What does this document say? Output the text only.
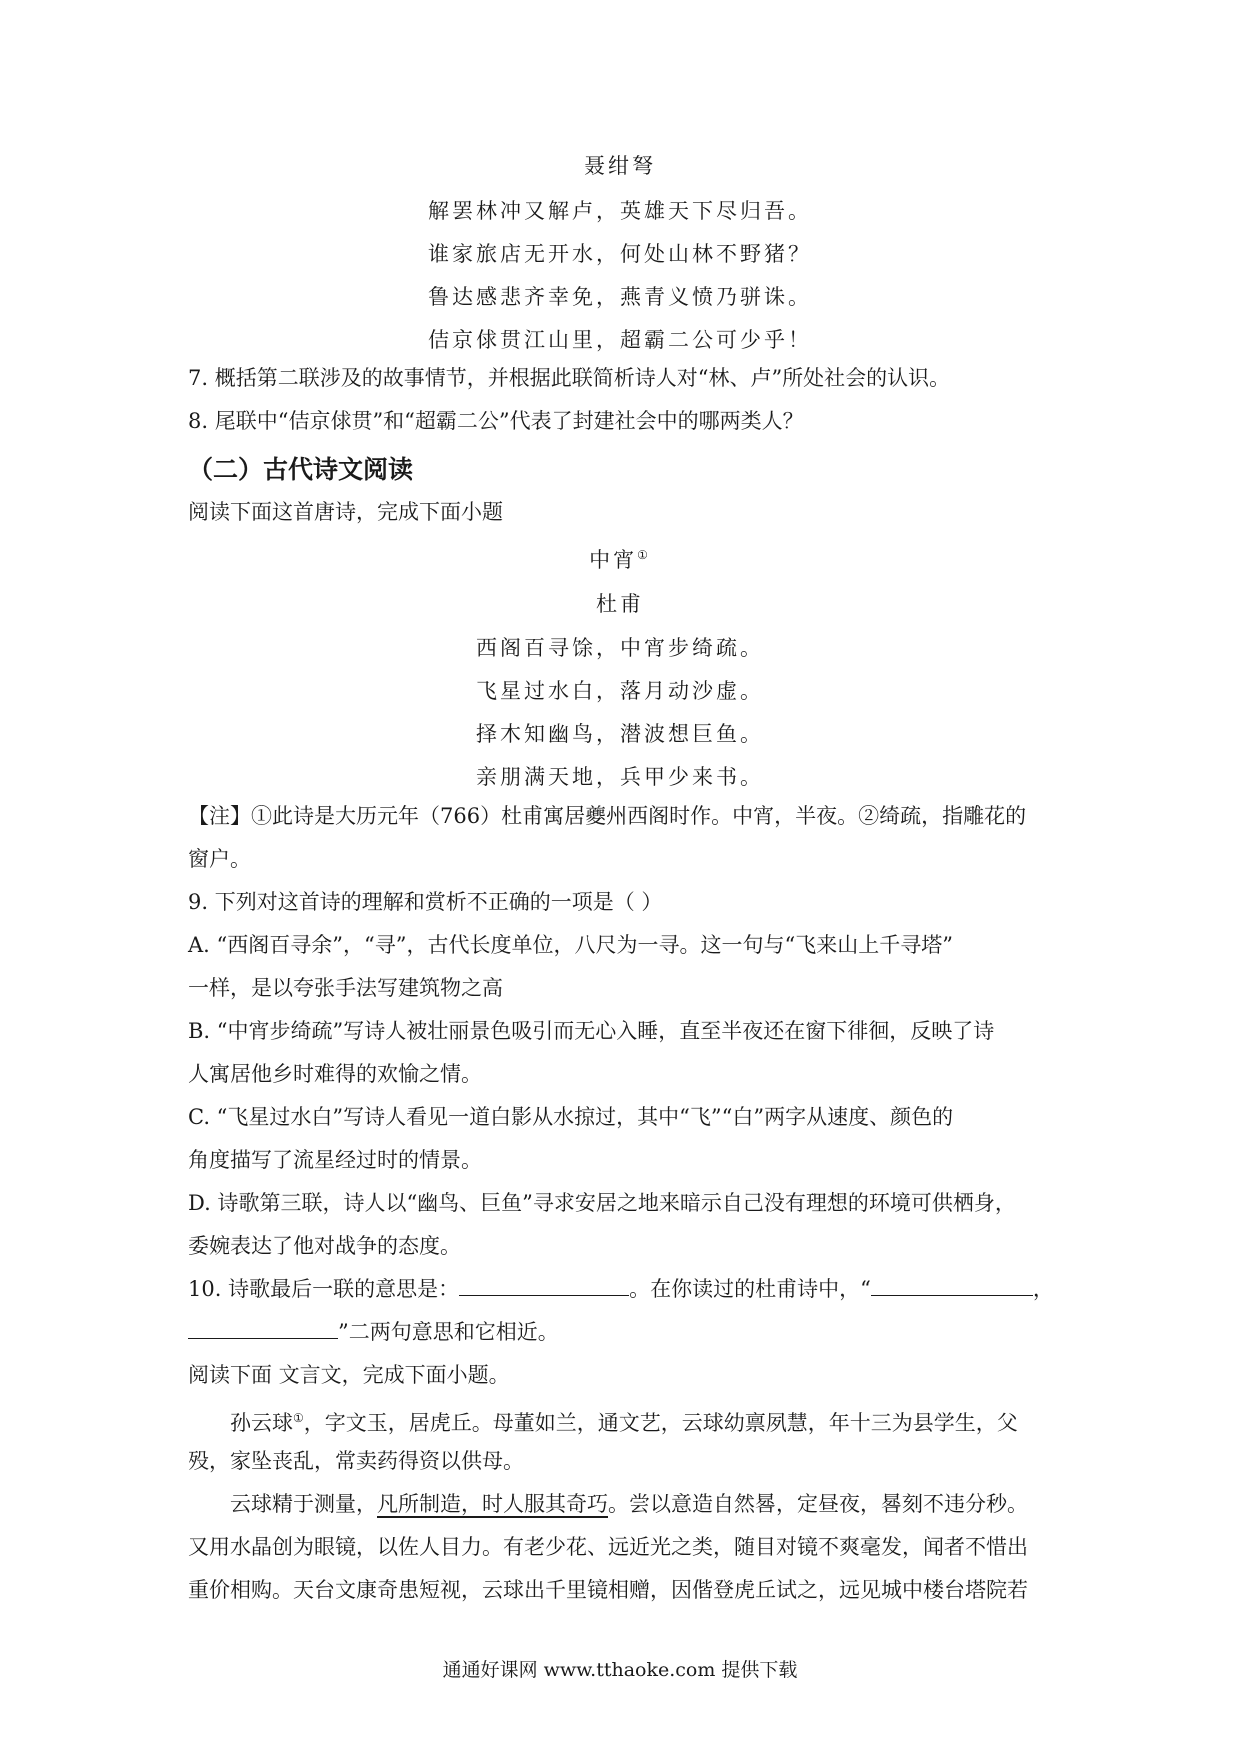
聂绀弩
解罢林冲又解卢，英雄天下尽归吾。
谁家旅店无开水，何处山林不野猪？
鲁达感悲齐幸免，燕青义愤乃骈诛。
佶京俅贯江山里，超霸二公可少乎！
7. 概括第二联涉及的故事情节，并根据此联简析诗人对“林、卢”所处社会的认识。
8. 尾联中“佶京俅贯”和“超霸二公”代表了封建社会中的哪两类人？
（二）古代诗文阅读
阅读下面这首唐诗，完成下面小题
中宵①
杜甫
西阁百寻馀，中宵步绮疏。
飞星过水白，落月动沙虚。
择木知幽鸟，潜波想巨鱼。
亲朋满天地，兵甲少来书。
【注】①此诗是大历元年（766）杜甫寓居夔州西阁时作。中宵，半夜。②绮疏，指雕花的
窗户。
9. 下列对这首诗的理解和赏析不正确的一项是（ ）
A. “西阁百寻余”，“寻”，古代长度单位，八尺为一寻。这一句与“飞来山上千寻塔”
一样，是以夸张手法写建筑物之高
B. “中宵步绮疏”写诗人被壮丽景色吸引而无心入睡，直至半夜还在窗下徘徊，反映了诗
人寓居他乡时难得的欢愉之情。
C. “飞星过水白”写诗人看见一道白影从水掠过，其中“飞”“白”两字从速度、颜色的
角度描写了流星经过时的情景。
D. 诗歌第三联，诗人以“幽鸟、巨鱼”寻求安居之地来暗示自己没有理想的环境可供栖身，
委婉表达了他对战争的态度。
10. 诗歌最后一联的意思是：	。在你读过的杜甫诗中，“	，
”二两句意思和它相近。
阅读下面 文言文，完成下面小题。
孙云球①，字文玉，居虎丘。母董如兰，通文艺，云球幼禀夙慧，年十三为县学生，父
殁，家坠丧乱，常卖药得资以供母。
云球精于测量，凡所制造，时人服其奇巧。尝以意造自然晷，定昼夜，晷刻不违分秒。
又用水晶创为眼镜，以佐人目力。有老少花、远近光之类，随目对镜不爽毫发，闻者不惜出
重价相购。天台文康奇患短视，云球出千里镜相赠，因偕登虎丘试之，远见城中楼台塔院若
通通好课网 www.tthaoke.com 提供下载
